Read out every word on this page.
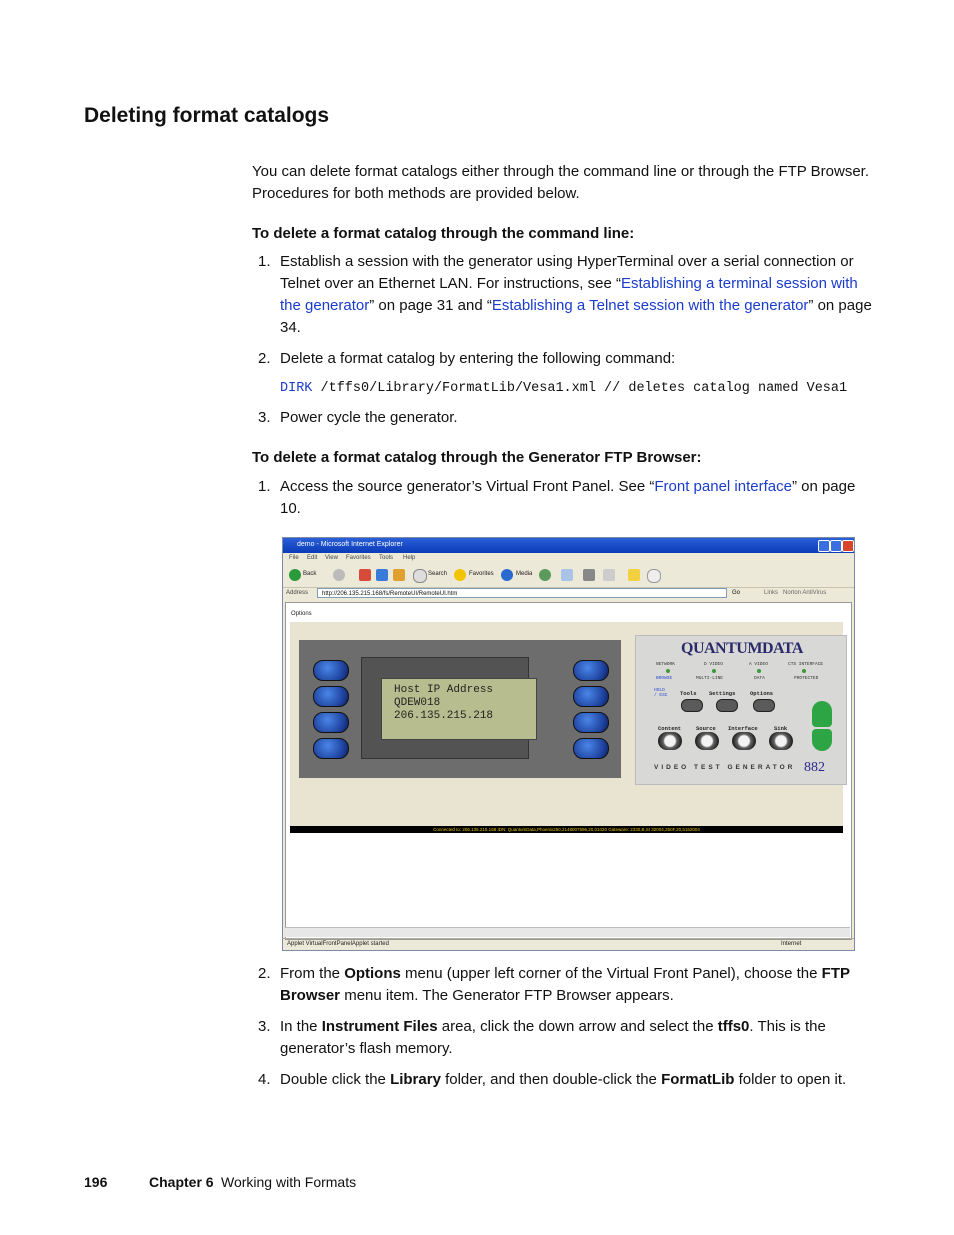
Deleting format catalogs
You can delete format catalogs either through the command line or through the FTP Browser. Procedures for both methods are provided below.
To delete a format catalog through the command line:
1. Establish a session with the generator using HyperTerminal over a serial connection or Telnet over an Ethernet LAN. For instructions, see “Establishing a terminal session with the generator” on page 31 and “Establishing a Telnet session with the generator” on page 34.
2. Delete a format catalog by entering the following command:
DIRK /tffs0/Library/FormatLib/Vesa1.xml // deletes catalog named Vesa1
3. Power cycle the generator.
To delete a format catalog through the Generator FTP Browser:
1. Access the source generator’s Virtual Front Panel. See “Front panel interface” on page 10.
demo - Microsoft Internet Explorer
File Edit View Favorites Tools Help
Back	Search	Favorites	Media
Address	http://206.135.215.168/fs/RemoteUI/RemoteUI.htm	Go	Links Norton AntiVirus
Options
Host IP Address
QDEW018
206.135.215.218
QUANTUMDATA
NETWORK	D VIDEO	A VIDEO	CTS INTERFACE
BROWSE	MULTI-LINE	DATA	PROTECTED
HOLD / ESC	Tools Settings	Options
Content	Source Interface	Sink
VIDEO TEST GENERATOR 882
Connected to: 206.135.215.168 IDN: QuantumData,Phoenix250,2148007596,20.01020 Gateware: 2330,B,SI 32004,250F,20,5152004
Applet VirtualFrontPanelApplet started	Internet
2. From the Options menu (upper left corner of the Virtual Front Panel), choose the FTP Browser menu item. The Generator FTP Browser appears.
3. In the Instrument Files area, click the down arrow and select the tffs0. This is the generator’s flash memory.
4. Double click the Library folder, and then double-click the FormatLib folder to open it.
196	Chapter 6 Working with Formats
